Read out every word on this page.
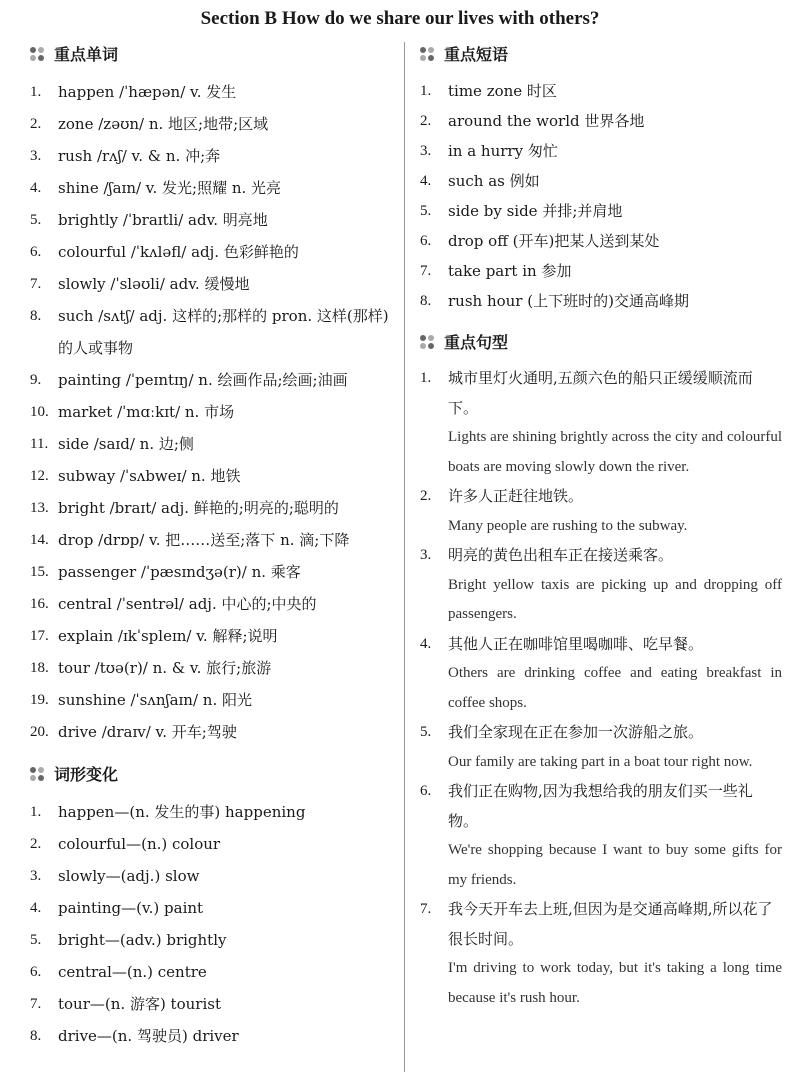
Section B How do we share our lives with others?
重点单词
1.	happen /ˈhæpən/ v. 发生
2.	zone /zəʊn/ n. 地区;地带;区域
3.	rush /rʌʃ/ v. & n. 冲;奔
4.	shine /ʃaɪn/ v. 发光;照耀 n. 光亮
5.	brightly /ˈbraɪtli/ adv. 明亮地
6.	colourful /ˈkʌləfl/ adj. 色彩鲜艳的
7.	slowly /ˈsləʊli/ adv. 缓慢地
8.	such /sʌtʃ/ adj. 这样的;那样的 pron. 这样(那样)的人或事物
9.	painting /ˈpeɪntɪŋ/ n. 绘画作品;绘画;油画
10. market /ˈmɑːkɪt/ n. 市场
11. side /saɪd/ n. 边;侧
12. subway /ˈsʌbweɪ/ n. 地铁
13. bright /braɪt/ adj. 鲜艳的;明亮的;聪明的
14. drop /drɒp/ v. 把……送至;落下 n. 滴;下降
15. passenger /ˈpæsɪndʒə(r)/ n. 乘客
16. central /ˈsentrəl/ adj. 中心的;中央的
17. explain /ɪkˈspleɪn/ v. 解释;说明
18. tour /tʊə(r)/ n. & v. 旅行;旅游
19. sunshine /ˈsʌnʃaɪn/ n. 阳光
20. drive /draɪv/ v. 开车;驾驶
词形变化
1.	happen—(n. 发生的事) happening
2.	colourful—(n.) colour
3.	slowly—(adj.) slow
4.	painting—(v.) paint
5.	bright—(adv.) brightly
6.	central—(n.) centre
7.	tour—(n. 游客) tourist
8.	drive—(n. 驾驶员) driver
重点短语
1.	time zone 时区
2.	around the world 世界各地
3.	in a hurry 匆忙
4.	such as 例如
5.	side by side 并排;并肩地
6.	drop off (开车)把某人送到某处
7.	take part in 参加
8.	rush hour (上下班时的)交通高峰期
重点句型
1.	城市里灯火通明,五颜六色的船只正缓缓顺流而下。
Lights are shining brightly across the city and colourful boats are moving slowly down the river.
2.	许多人正赶往地铁。
Many people are rushing to the subway.
3.	明亮的黄色出租车正在接送乘客。
Bright yellow taxis are picking up and dropping off passengers.
4.	其他人正在咖啡馆里喝咖啡、吃早餐。
Others are drinking coffee and eating breakfast in coffee shops.
5.	我们全家现在正在参加一次游船之旅。
Our family are taking part in a boat tour right now.
6.	我们正在购物,因为我想给我的朋友们买一些礼物。
We're shopping because I want to buy some gifts for my friends.
7.	我今天开车去上班,但因为是交通高峰期,所以花了很长时间。
I'm driving to work today, but it's taking a long time because it's rush hour.
